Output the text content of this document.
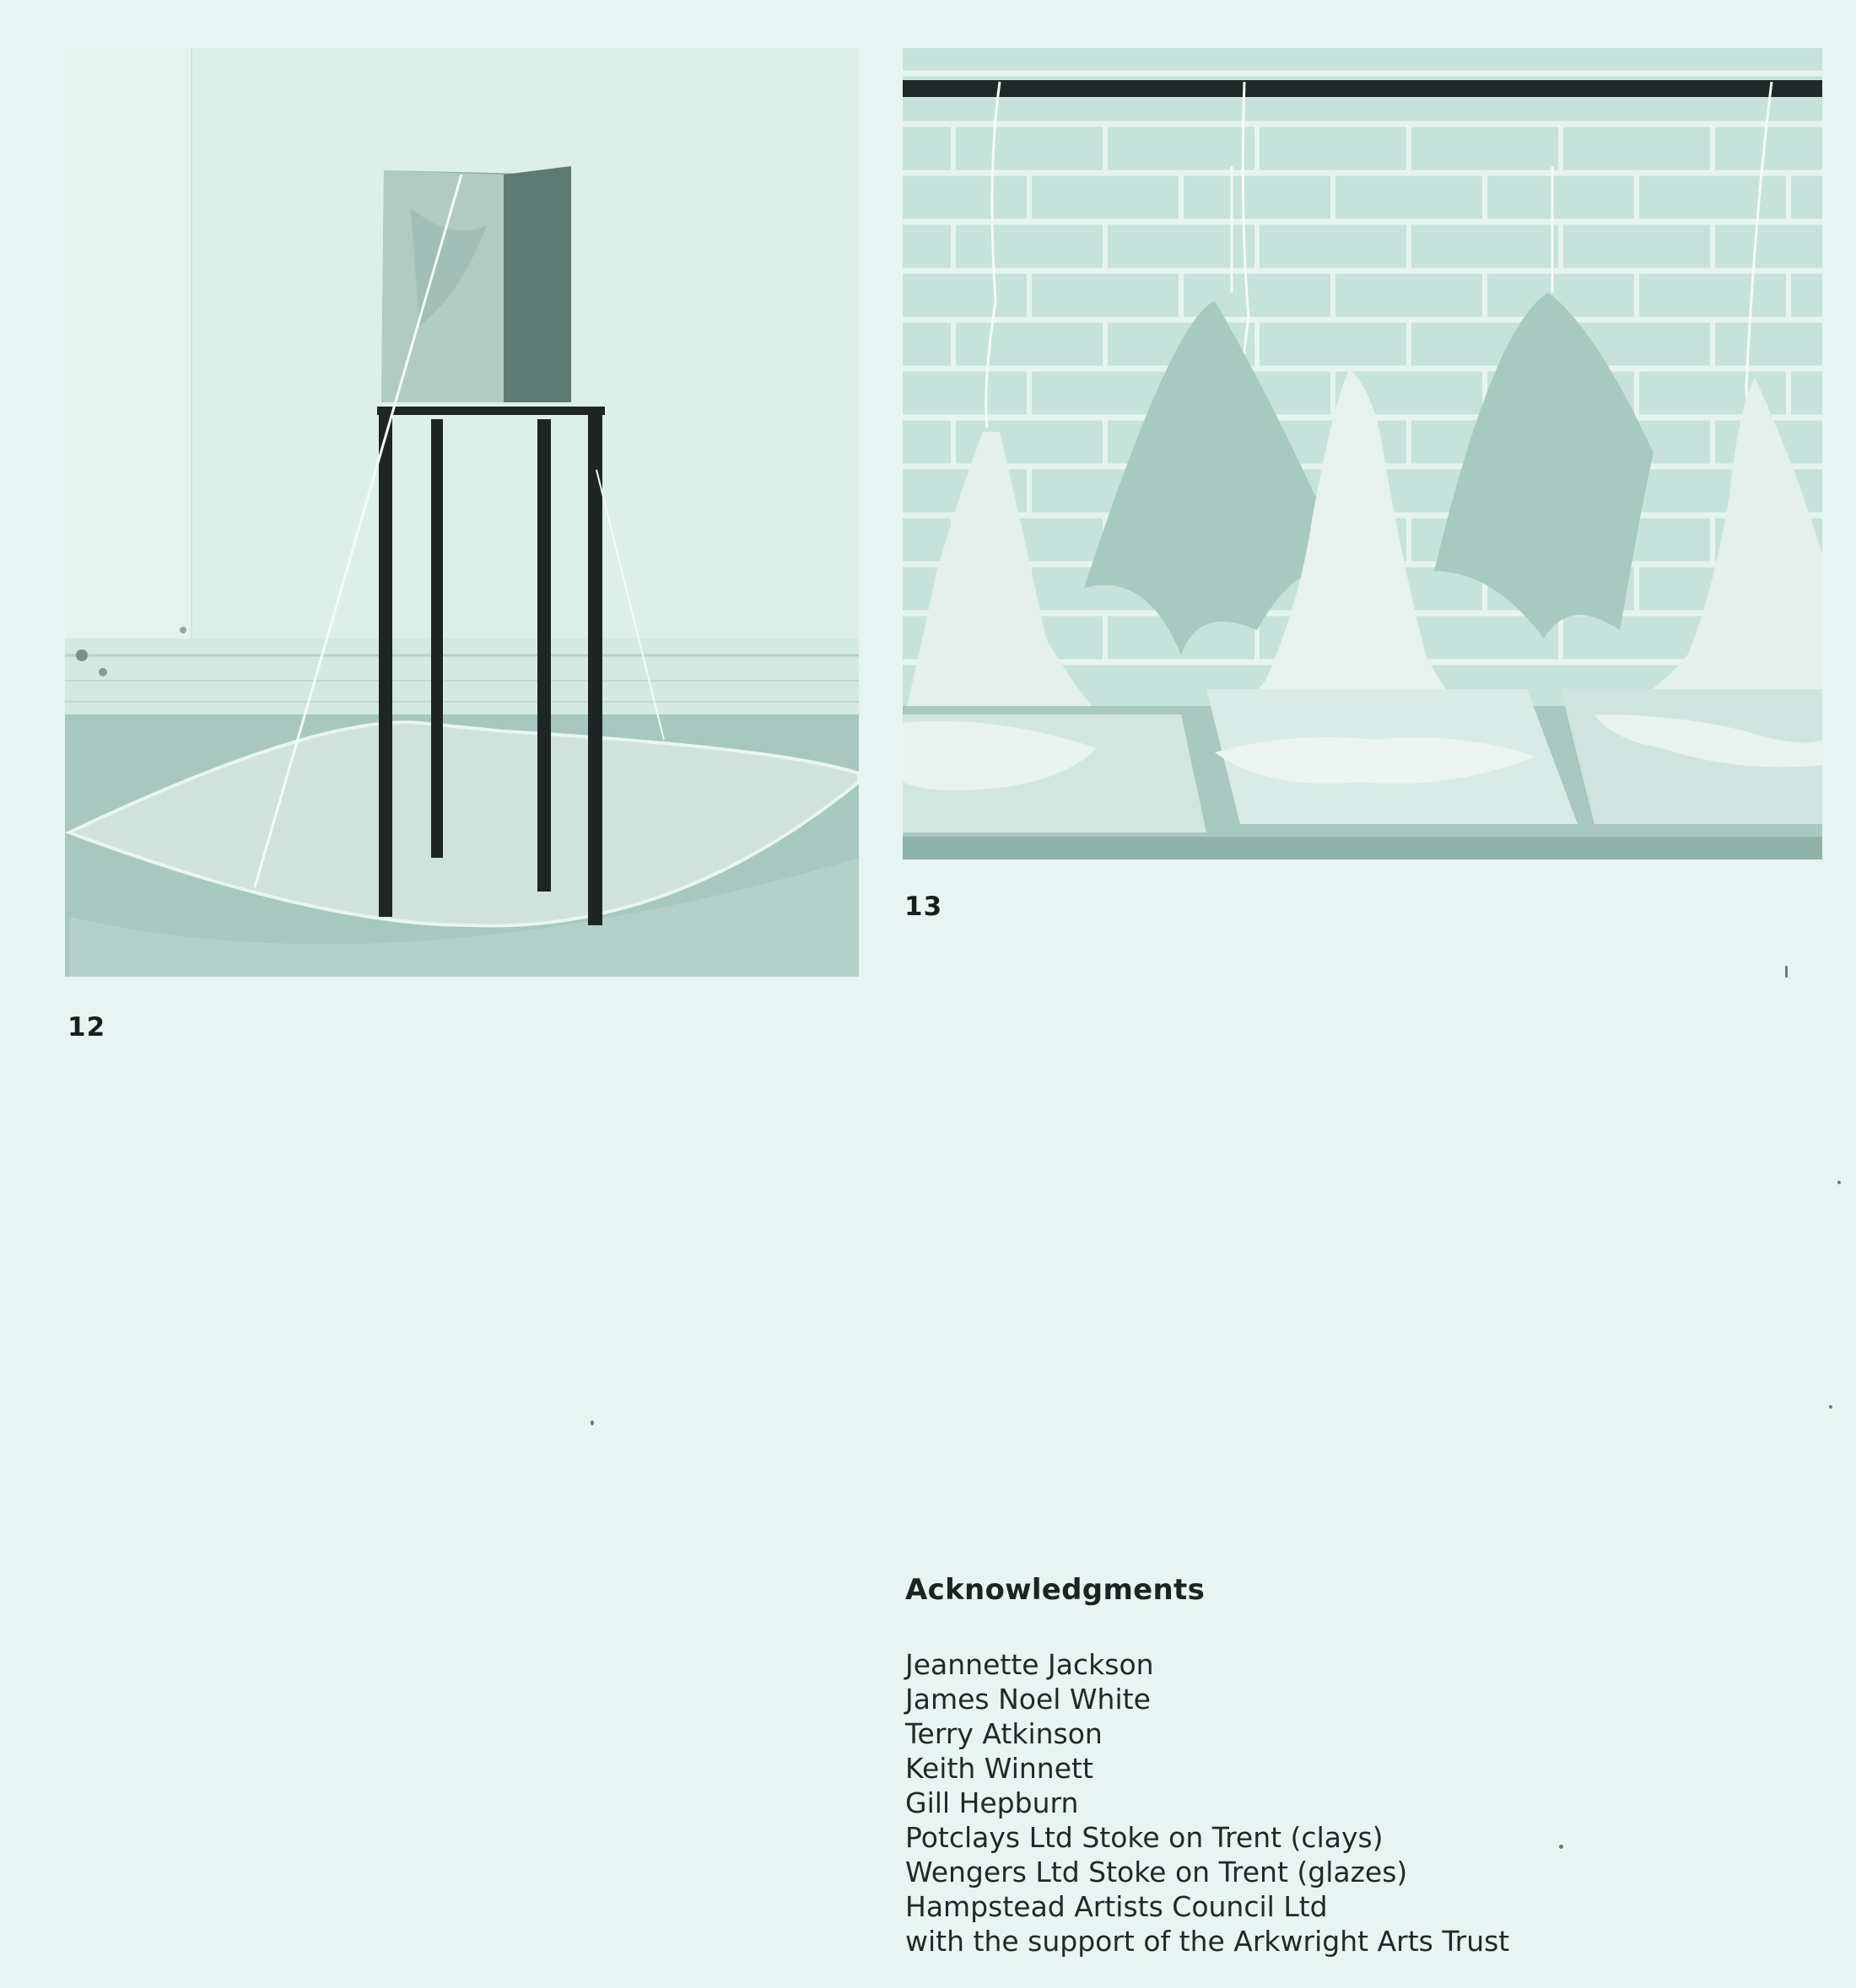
12
13
Acknowledgments
Jeannette Jackson
James Noel White
Terry Atkinson
Keith Winnett
Gill Hepburn
Potclays Ltd Stoke on Trent (clays)
Wengers Ltd Stoke on Trent (glazes)
Hampstead Artists Council Ltd
with the support of the Arkwright Arts Trust
